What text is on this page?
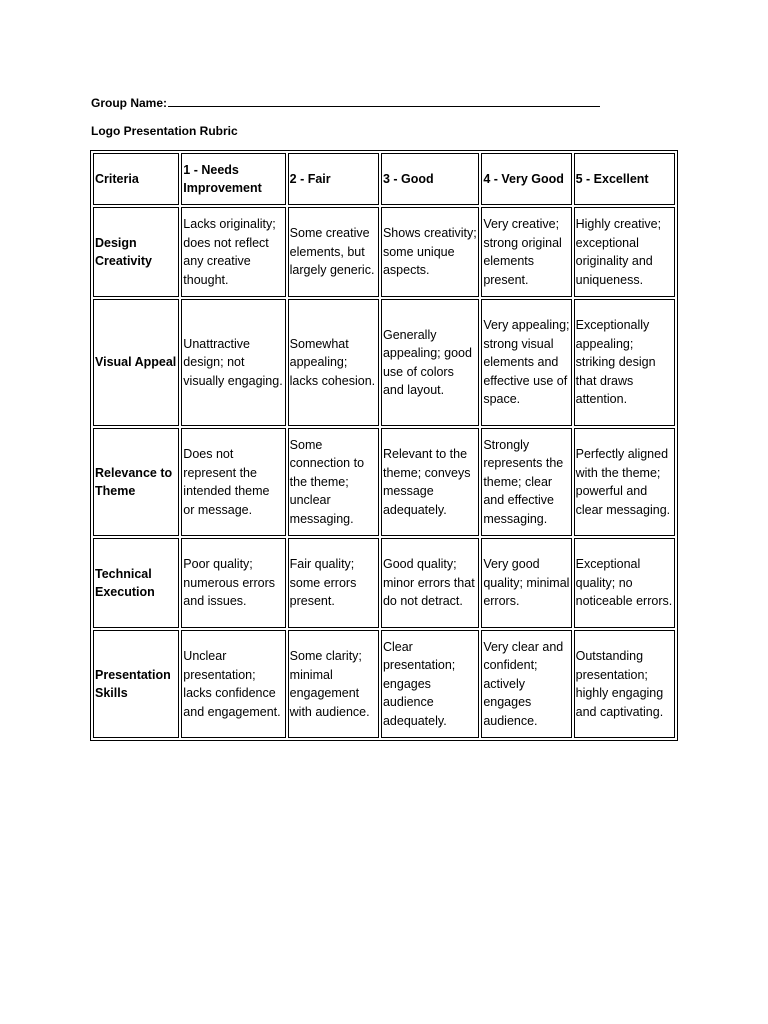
Group Name:
Logo Presentation Rubric
Criteria	1 - Needs Improvement	2 - Fair	3 - Good	4 - Very Good	5 - Excellent
Design Creativity	Lacks originality; does not reflect any creative thought.	Some creative elements, but largely generic.	Shows creativity; some unique aspects.	Very creative; strong original elements present.	Highly creative; exceptional originality and uniqueness.
Visual Appeal	Unattractive design; not visually engaging.	Somewhat appealing; lacks cohesion.	Generally appealing; good use of colors and layout.	Very appealing; strong visual elements and effective use of space.	Exceptionally appealing; striking design that draws attention.
Relevance to Theme	Does not represent the intended theme or message.	Some connection to the theme; unclear messaging.	Relevant to the theme; conveys message adequately.	Strongly represents the theme; clear and effective messaging.	Perfectly aligned with the theme; powerful and clear messaging.
Technical Execution	Poor quality; numerous errors and issues.	Fair quality; some errors present.	Good quality; minor errors that do not detract.	Very good quality; minimal errors.	Exceptional quality; no noticeable errors.
Presentation Skills	Unclear presentation; lacks confidence and engagement.	Some clarity; minimal engagement with audience.	Clear presentation; engages audience adequately.	Very clear and confident; actively engages audience.	Outstanding presentation; highly engaging and captivating.
